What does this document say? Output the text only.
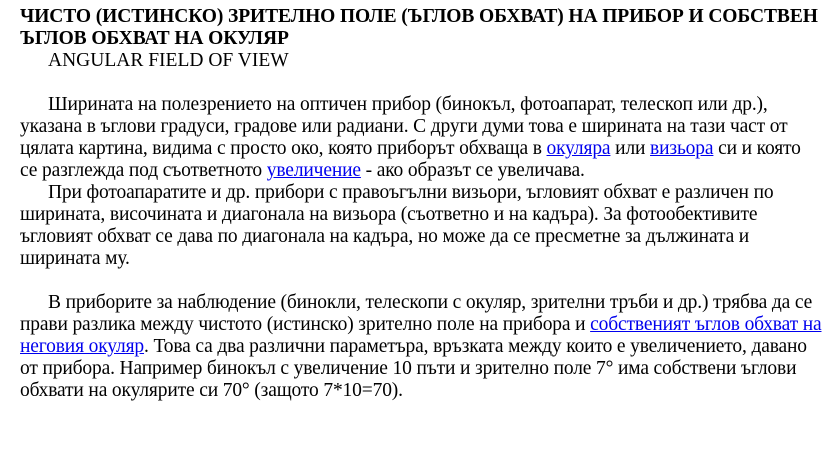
ЧИСТО (ИСТИНСКО) ЗРИТЕЛНО ПОЛЕ (ЪГЛОВ ОБХВАТ) НА ПРИБОР И СОБСТВЕН ЪГЛОВ ОБХВАТ НА ОКУЛЯР
ANGULAR FIELD OF VIEW

Ширината на полезрението на оптичен прибор (бинокъл, фотоапарат, телескоп или др.), указана в ъглови градуси, градове или радиани. С други думи това е ширината на тази част от цялата картина, видима с просто око, която приборът обхваща в окуляра или визьора си и която се разглежда под съответното увеличение - ако образът се увеличава.

При фотоапаратите и др. прибори с правоъгълни визьори, ъгловият обхват е различен по ширината, височината и диагонала на визьора (съответно и на кадъра). За фотообективите ъгловият обхват се дава по диагонала на кадъра, но може да се пресметне за дължината и ширината му.

В приборите за наблюдение (бинокли, телескопи с окуляр, зрителни тръби и др.) трябва да се прави разлика между чистото (истинско) зрително поле на прибора и собственият ъглов обхват на неговия окуляр. Това са два различни параметъра, връзката между които е увеличението, давано от прибора. Например бинокъл с увеличение 10 пъти и зрително поле 7° има собствени ъглови обхвати на окулярите си 70° (защото 7*10=70).
